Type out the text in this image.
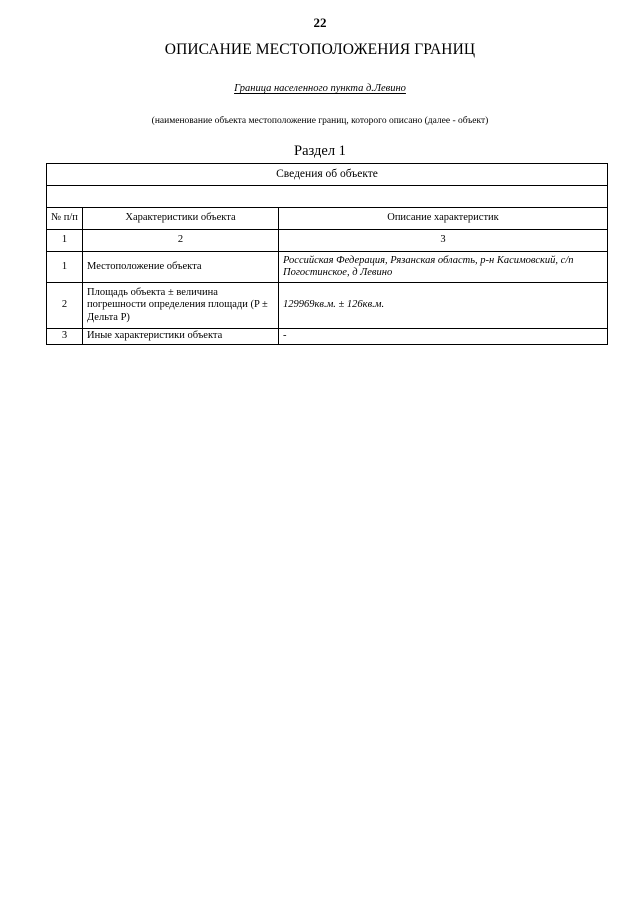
22
ОПИСАНИЕ МЕСТОПОЛОЖЕНИЯ ГРАНИЦ
Граница населенного пункта д.Левино
(наименование объекта местоположение границ, которого описано (далее - объект)
Раздел 1
Сведения об объекте		

№ п/п	Характеристики объекта	Описание характеристик
1	2	3
1	Местоположение объекта	Российская Федерация, Рязанская область, р-н Касимовский, с/п Погостинское, д Левино
2	Площадь объекта ± величина погрешности определения площади (P ± Дельта P)	129969кв.м. ± 126кв.м.
3	Иные характеристики объекта	-
